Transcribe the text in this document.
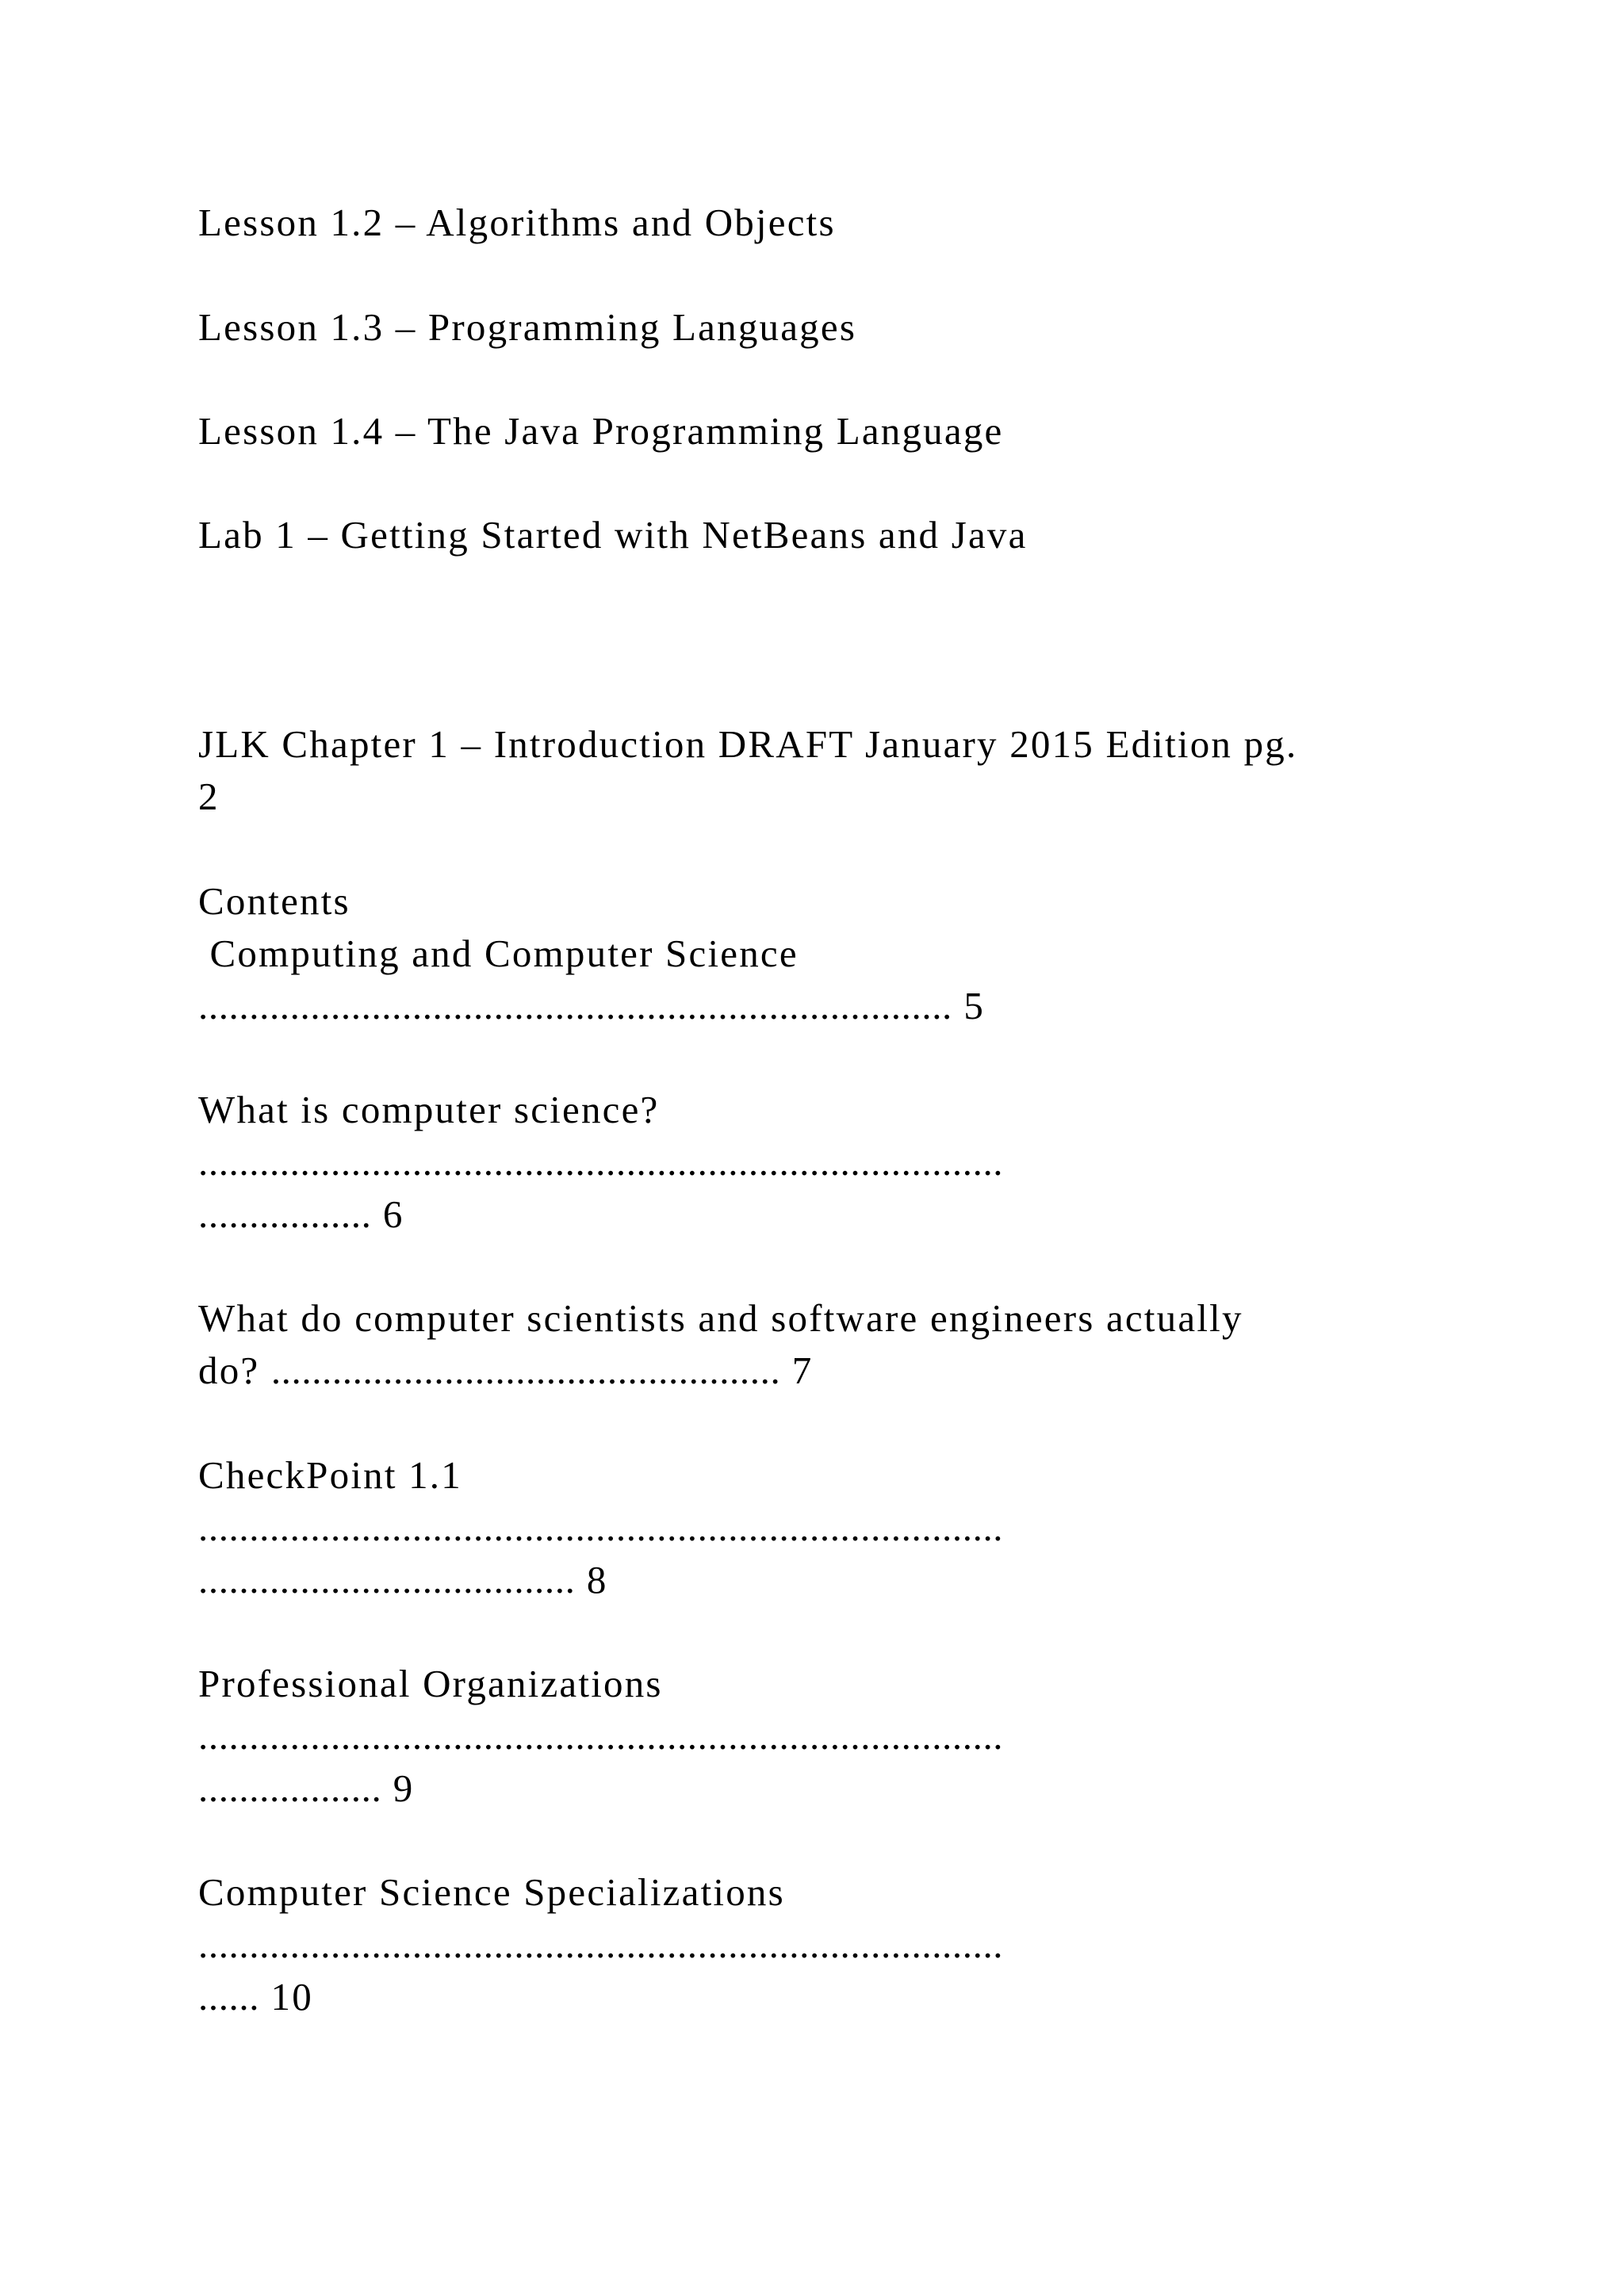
Lesson 1.2 – Algorithms and Objects
Lesson 1.3 – Programming Languages
Lesson 1.4 – The Java Programming Language
Lab 1 – Getting Started with NetBeans and Java
JLK Chapter 1 – Introduction DRAFT January 2015 Edition pg.
2
Contents
Computing and Computer Science
.......................................................................... 5
What is computer science?
...............................................................................
................. 6
What do computer scientists and software engineers actually
do? .................................................. 7
CheckPoint 1.1
...............................................................................
..................................... 8
Professional Organizations
...............................................................................
.................. 9
Computer Science Specializations
...............................................................................
...... 10
